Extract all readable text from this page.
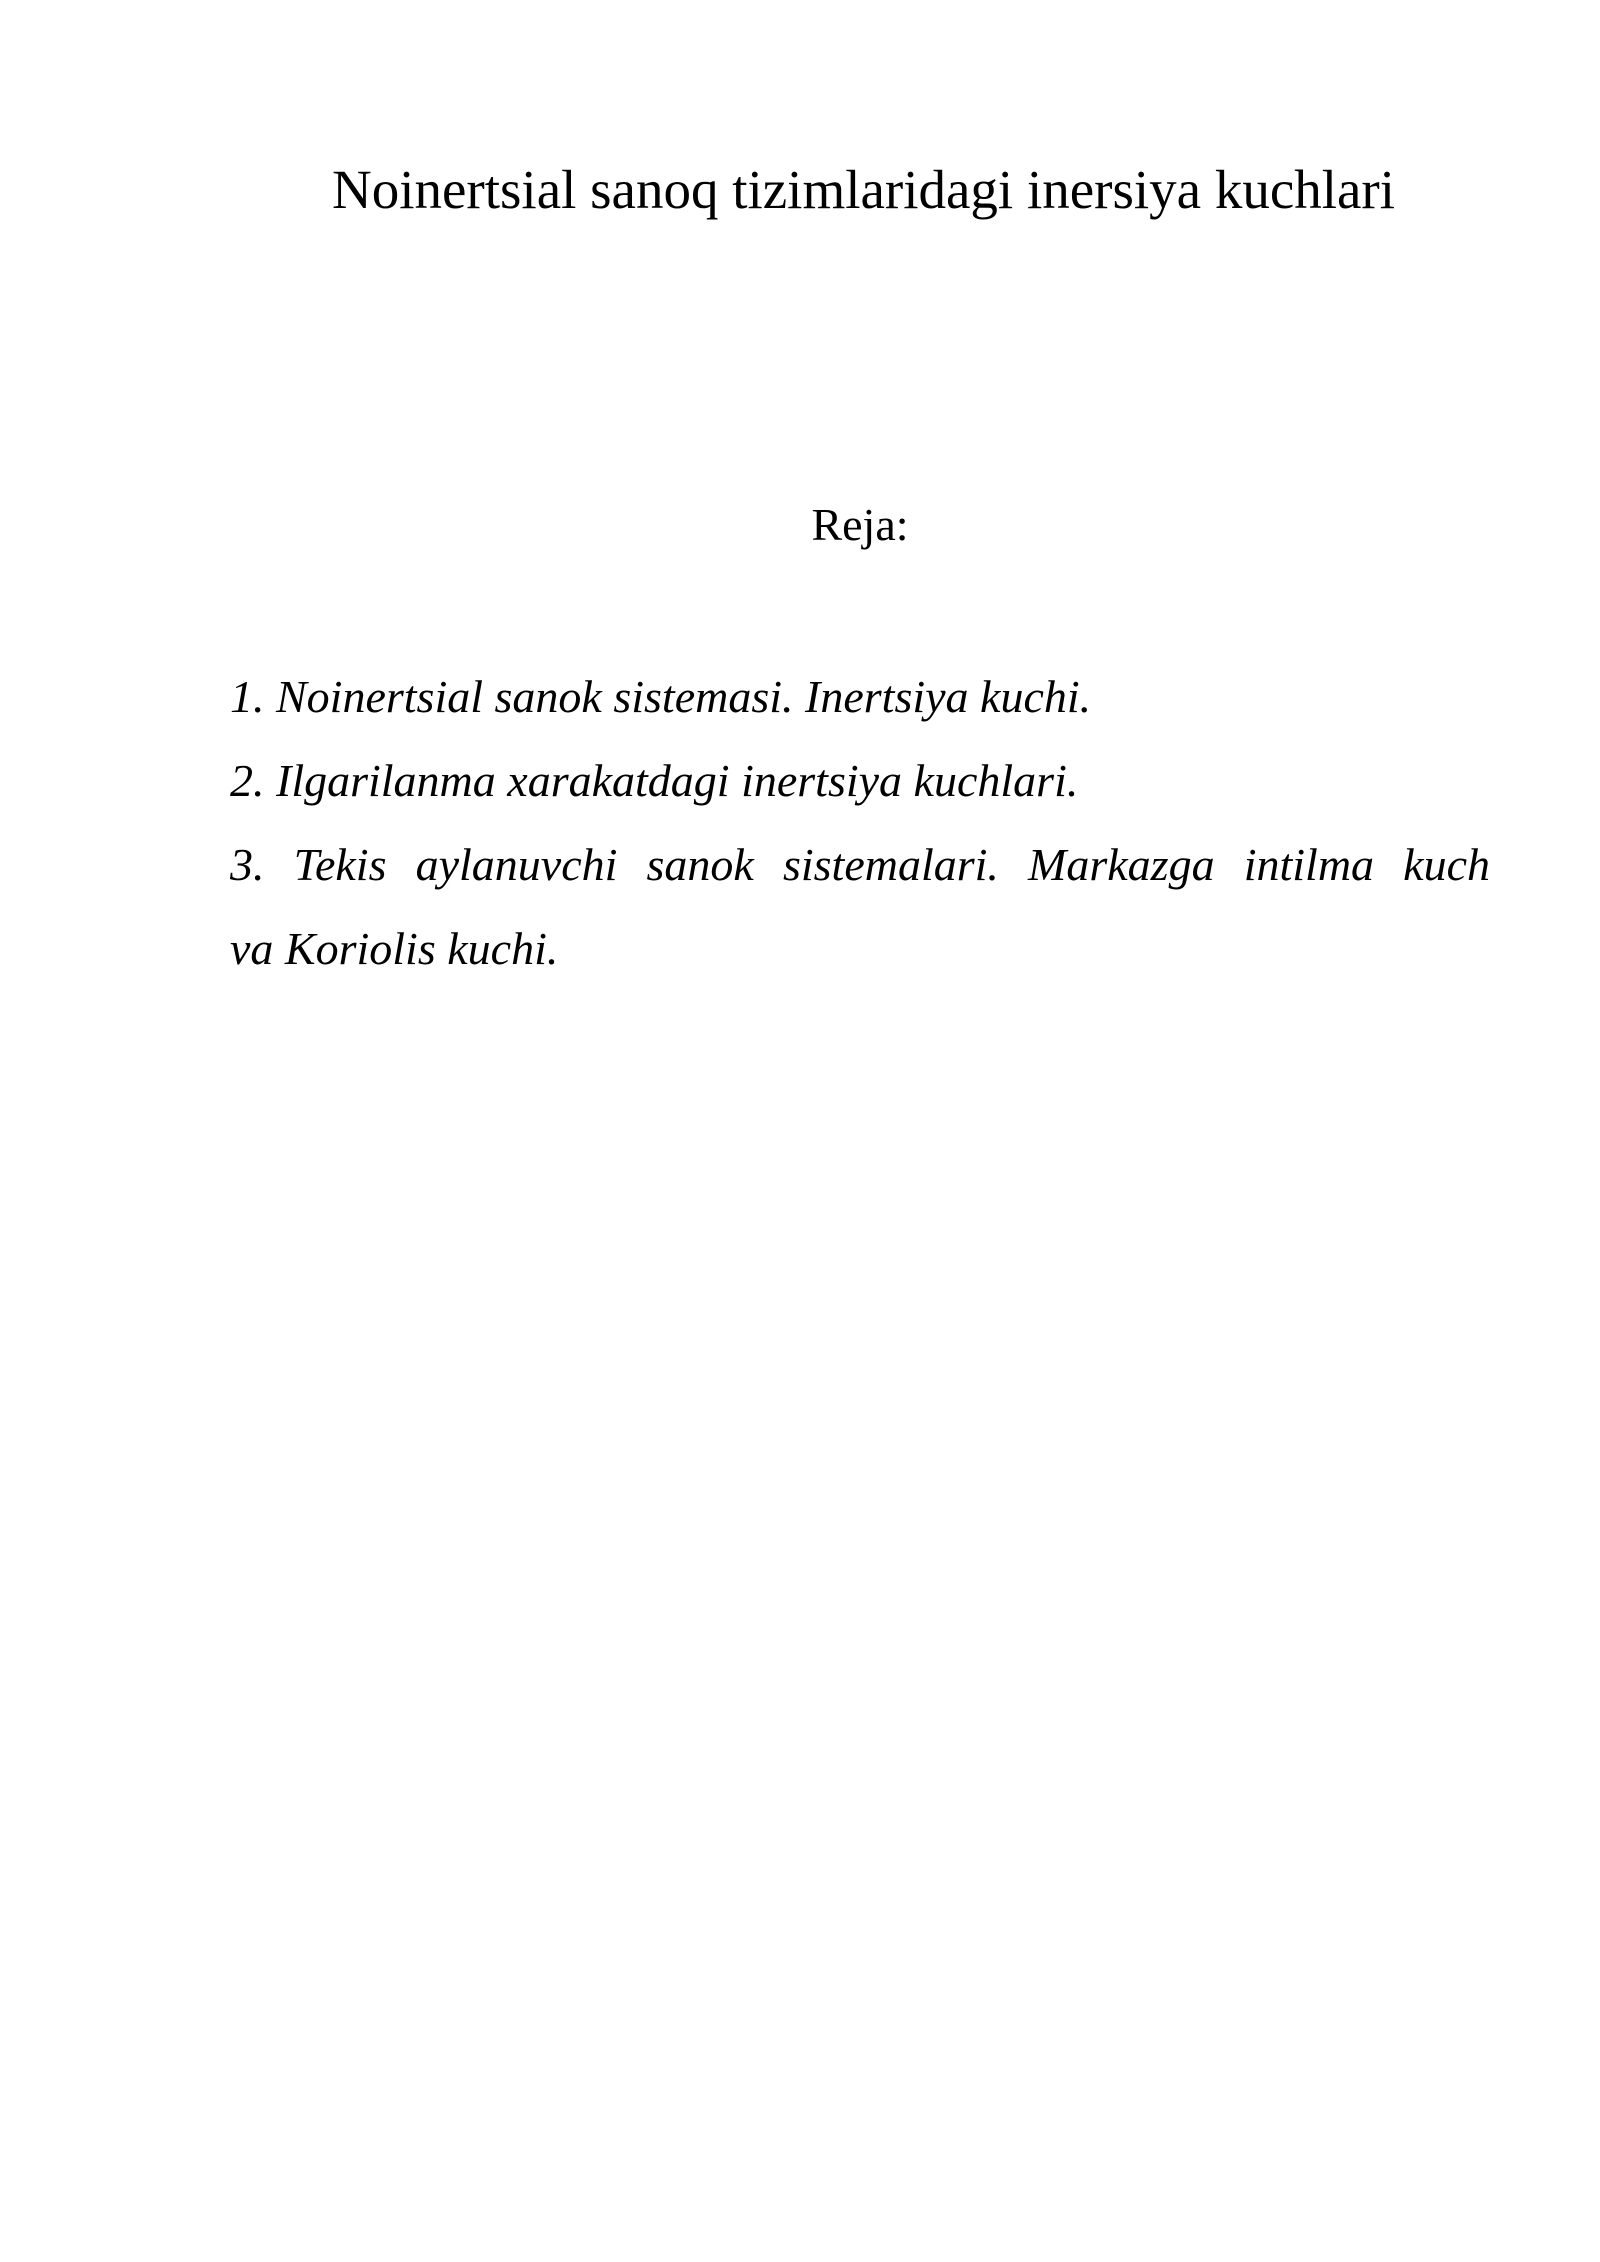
Noinertsial sanoq tizimlaridagi inersiya kuchlari
Reja:
1. Noinertsial sanok sistemasi. Inertsiya kuchi.
2. Ilgarilanma xarakatdagi inertsiya kuchlari.
3. Tekis aylanuvchi sanok sistemalari. Markazga intilma kuch
va Koriolis kuchi.
